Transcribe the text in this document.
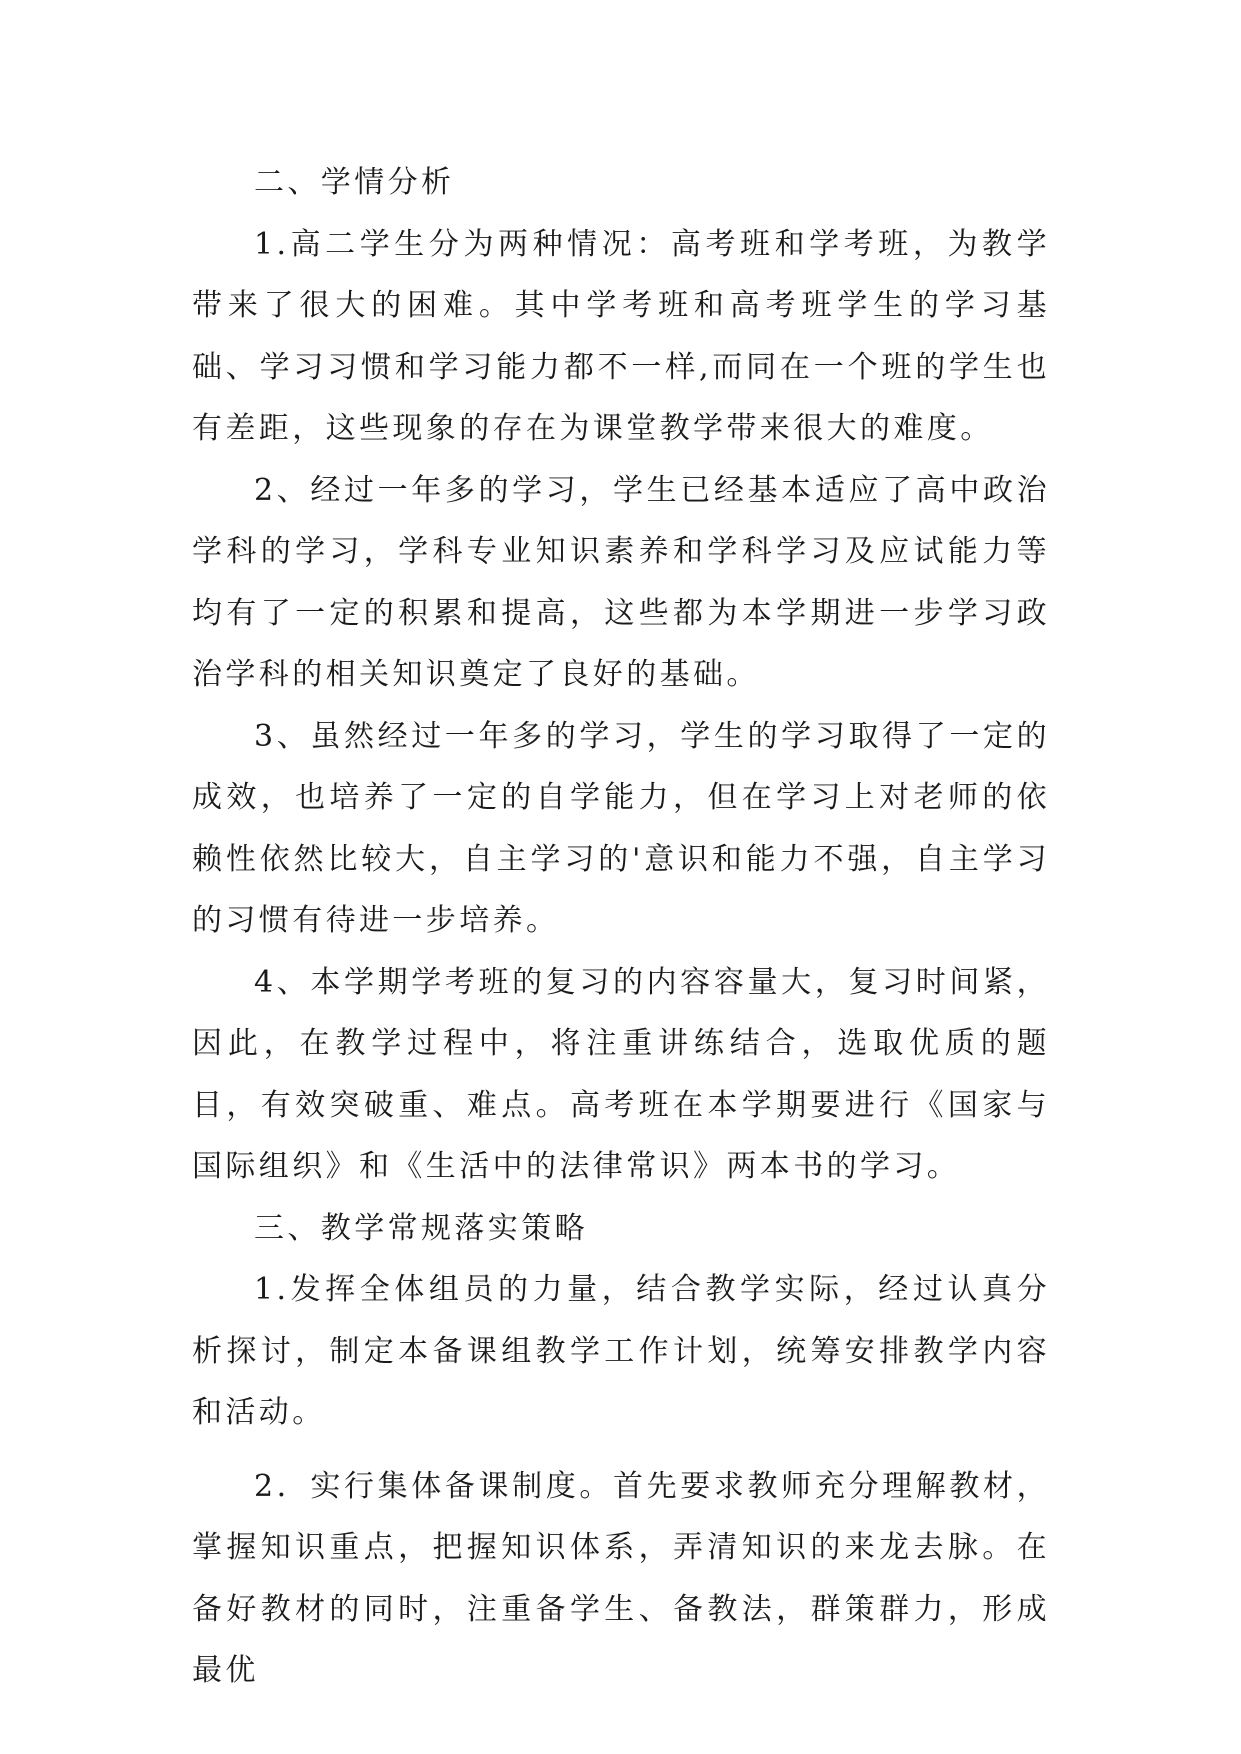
二、学情分析

1.高二学生分为两种情况：高考班和学考班，为教学带来了很大的困难。其中学考班和高考班学生的学习基础、学习习惯和学习能力都不一样,而同在一个班的学生也有差距，这些现象的存在为课堂教学带来很大的难度。

2、经过一年多的学习，学生已经基本适应了高中政治学科的学习，学科专业知识素养和学科学习及应试能力等均有了一定的积累和提高，这些都为本学期进一步学习政治学科的相关知识奠定了良好的基础。

3、虽然经过一年多的学习，学生的学习取得了一定的成效，也培养了一定的自学能力，但在学习上对老师的依赖性依然比较大，自主学习的'意识和能力不强，自主学习的习惯有待进一步培养。

4、本学期学考班的复习的内容容量大，复习时间紧，因此，在教学过程中，将注重讲练结合，选取优质的题目，有效突破重、难点。高考班在本学期要进行《国家与国际组织》和《生活中的法律常识》两本书的学习。

三、教学常规落实策略

1.发挥全体组员的力量，结合教学实际，经过认真分析探讨，制定本备课组教学工作计划，统筹安排教学内容和活动。

2．实行集体备课制度。首先要求教师充分理解教材，掌握知识重点，把握知识体系，弄清知识的来龙去脉。在备好教材的同时，注重备学生、备教法，群策群力，形成最优
